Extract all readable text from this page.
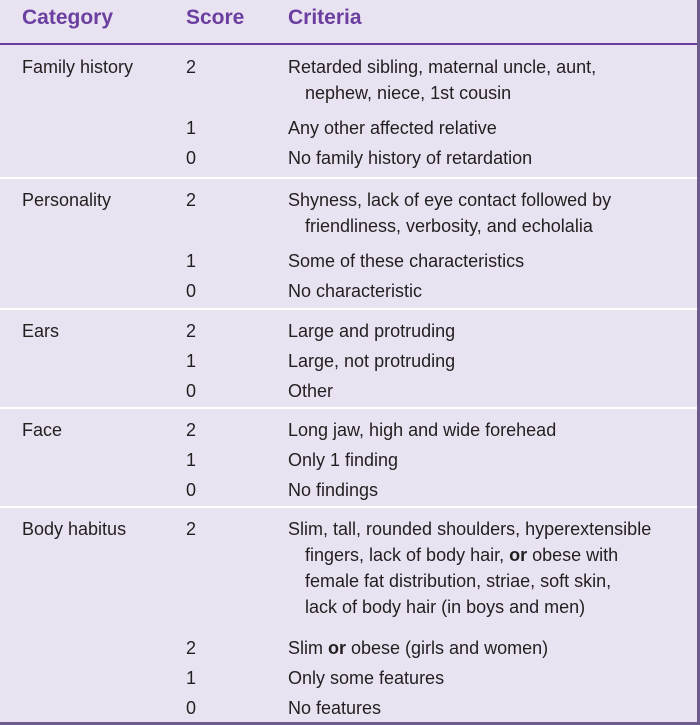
Category	Score Criteria
Family history	2	Retarded sibling, maternal uncle, aunt,
nephew, niece, 1st cousin
1	Any other affected relative
0	No family history of retardation
Personality	2	Shyness, lack of eye contact followed by
friendliness, verbosity, and echolalia
1	Some of these characteristics
0	No characteristic
Ears	2	Large and protruding
1	Large, not protruding
0	Other
Face	2	Long jaw, high and wide forehead
1	Only 1 finding
0	No findings
Body habitus	2	Slim, tall, rounded shoulders, hyperextensible
fingers, lack of body hair, or obese with
female fat distribution, striae, soft skin,
lack of body hair (in boys and men)
2	Slim or obese (girls and women)
1	Only some features
0	No features
